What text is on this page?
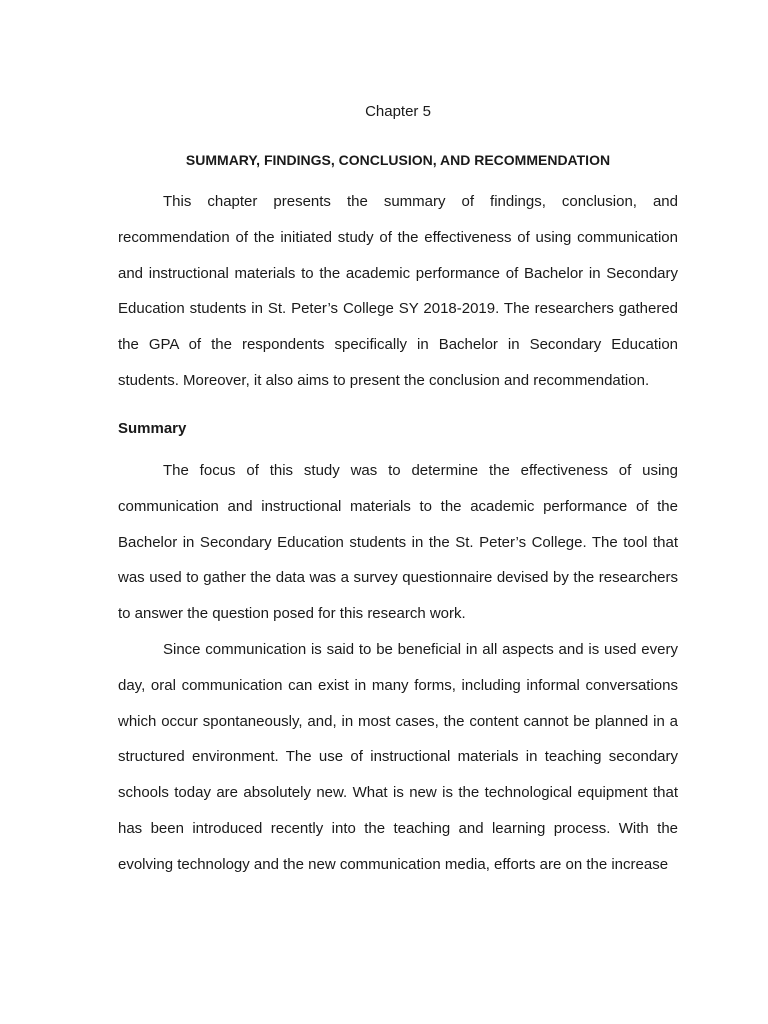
Chapter 5
SUMMARY, FINDINGS, CONCLUSION, AND RECOMMENDATION

This chapter presents the summary of findings, conclusion, and recommendation of the initiated study of the effectiveness of using communication and instructional materials to the academic performance of Bachelor in Secondary Education students in St. Peter’s College SY 2018-2019. The researchers gathered the GPA of the respondents specifically in Bachelor in Secondary Education students. Moreover, it also aims to present the conclusion and recommendation.

Summary

The focus of this study was to determine the effectiveness of using communication and instructional materials to the academic performance of the Bachelor in Secondary Education students in the St. Peter’s College. The tool that was used to gather the data was a survey questionnaire devised by the researchers to answer the question posed for this research work.

Since communication is said to be beneficial in all aspects and is used every day, oral communication can exist in many forms, including informal conversations which occur spontaneously, and, in most cases, the content cannot be planned in a structured environment. The use of instructional materials in teaching secondary schools today are absolutely new. What is new is the technological equipment that has been introduced recently into the teaching and learning process. With the evolving technology and the new communication media, efforts are on the increase
